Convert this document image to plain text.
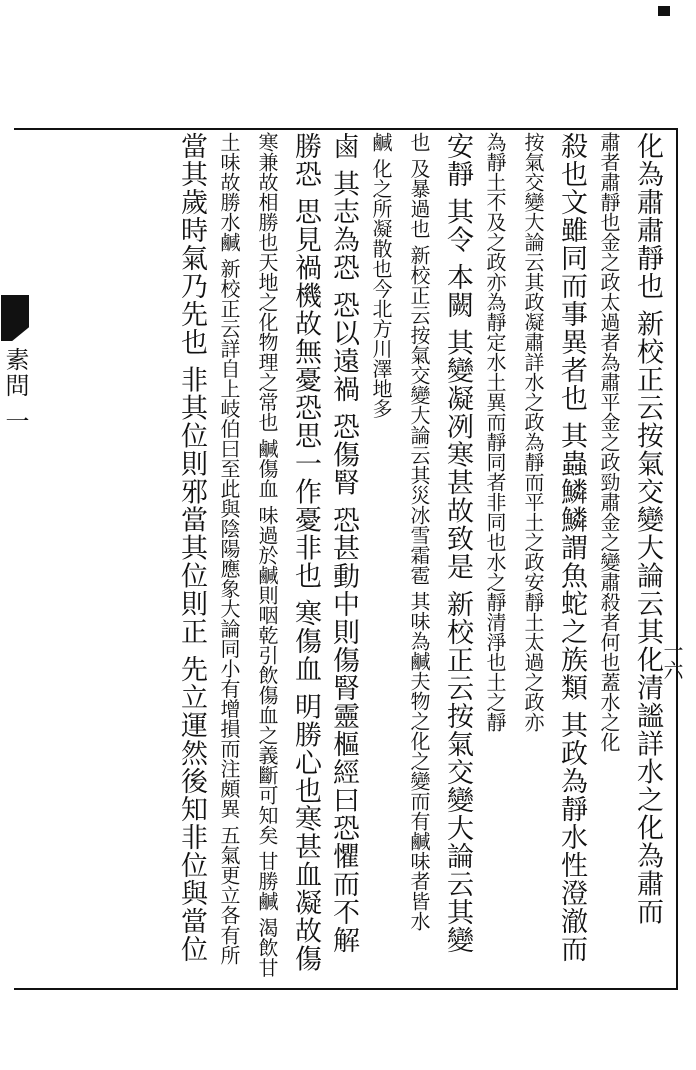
素問 一
一六
化為肅肅靜也 新校正云按氣交變大論云其化清謐詳水之化為肅而
肅者肅靜也金之政太過者為肅平金之政勁肅金之變肅殺者何也蓋水之化
殺也文雖同而事異者也 其蟲鱗鱗謂魚蛇之族類 其政為靜水性澄澈而
按氣交變大論云其政凝肅詳水之政為靜而平土之政安靜土太過之政亦
為靜土不及之政亦為靜定水土異而靜同者非同也水之靜清淨也土之靜
安靜 其令 本闕 其變凝冽寒甚故致是 新校正云按氣交變大論云其變
也 及暴過也 新校正云按氣交變大論云其災冰雪霜雹 其味為鹹夫物之化之變而有鹹味者皆水
鹹 化之所凝散也今北方川澤地多
鹵 其志為恐 恐以遠禍 恐傷腎 恐甚動中則傷腎靈樞經曰恐懼而不解
勝恐 思見禍機故無憂恐思一作憂非也 寒傷血 明勝心也寒甚血凝故傷
寒兼故相勝也天地之化物理之常也 鹹傷血 味過於鹹則咽乾引飲傷血之義斷可知矣 甘勝鹹 渴飲甘
土味故勝水鹹 新校正云詳自上岐伯曰至此與陰陽應象大論同小有增損而注頗異 五氣更立各有所
當其歲時氣乃先也 非其位則邪當其位則正 先立運然後知非位與當位
